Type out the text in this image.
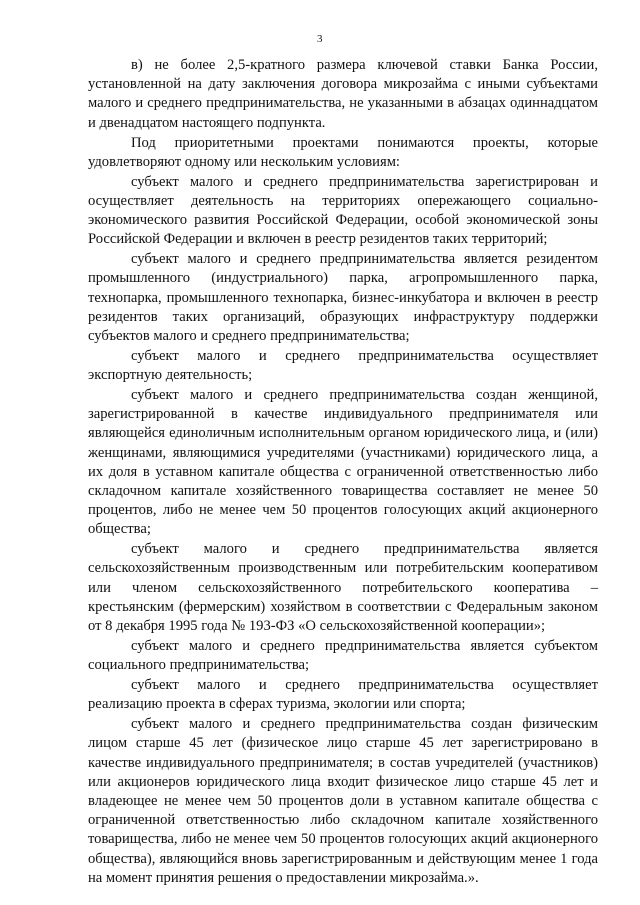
3

в) не более 2,5-кратного размера ключевой ставки Банка России, установленной на дату заключения договора микрозайма с иными субъектами малого и среднего предпринимательства, не указанными в абзацах одиннадцатом и двенадцатом настоящего подпункта.

Под приоритетными проектами понимаются проекты, которые удовлетворяют одному или нескольким условиям:

субъект малого и среднего предпринимательства зарегистрирован и осуществляет деятельность на территориях опережающего социально-экономического развития Российской Федерации, особой экономической зоны Российской Федерации и включен в реестр резидентов таких территорий;

субъект малого и среднего предпринимательства является резидентом промышленного (индустриального) парка, агропромышленного парка, технопарка, промышленного технопарка, бизнес-инкубатора и включен в реестр резидентов таких организаций, образующих инфраструктуру поддержки субъектов малого и среднего предпринимательства;

субъект малого и среднего предпринимательства осуществляет экспортную деятельность;

субъект малого и среднего предпринимательства создан женщиной, зарегистрированной в качестве индивидуального предпринимателя или являющейся единоличным исполнительным органом юридического лица, и (или) женщинами, являющимися учредителями (участниками) юридического лица, а их доля в уставном капитале общества с ограниченной ответственностью либо складочном капитале хозяйственного товарищества составляет не менее 50 процентов, либо не менее чем 50 процентов голосующих акций акционерного общества;

субъект малого и среднего предпринимательства является сельскохозяйственным производственным или потребительским кооперативом или членом сельскохозяйственного потребительского кооператива – крестьянским (фермерским) хозяйством в соответствии с Федеральным законом от 8 декабря 1995 года № 193-ФЗ «О сельскохозяйственной кооперации»;

субъект малого и среднего предпринимательства является субъектом социального предпринимательства;

субъект малого и среднего предпринимательства осуществляет реализацию проекта в сферах туризма, экологии или спорта;

субъект малого и среднего предпринимательства создан физическим лицом старше 45 лет (физическое лицо старше 45 лет зарегистрировано в качестве индивидуального предпринимателя; в состав учредителей (участников) или акционеров юридического лица входит физическое лицо старше 45 лет и владеющее не менее чем 50 процентов доли в уставном капитале общества с ограниченной ответственностью либо складочном капитале хозяйственного товарищества, либо не менее чем 50 процентов голосующих акций акционерного общества), являющийся вновь зарегистрированным и действующим менее 1 года на момент принятия решения о предоставлении микрозайма.».
